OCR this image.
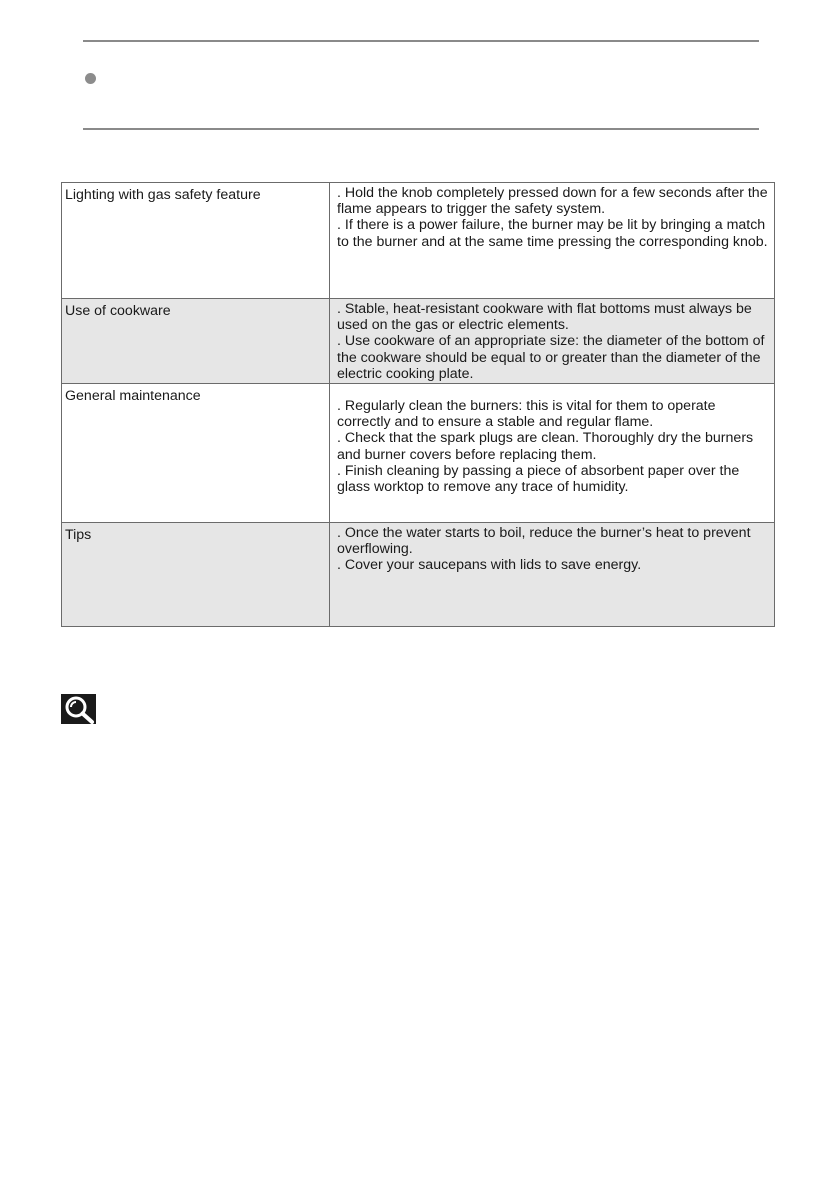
Lighting with gas safety feature	. Hold the knob completely pressed down for a few seconds after the flame appears to trigger the safety system.

. If there is a power failure, the burner may be lit by bringing a match to the burner and at the same time pressing the corresponding knob.

Use of cookware	. Stable, heat-resistant cookware with flat bottoms must always be used on the gas or electric elements.

. Use cookware of an appropriate size: the diameter of the bottom of the cookware should be equal to or greater than the diameter of the electric cooking plate.

General maintenance	. Regularly clean the burners: this is vital for them to operate correctly and to ensure a stable and regular flame.

. Check that the spark plugs are clean. Thoroughly dry the burners and burner covers before replacing them.

. Finish cleaning by passing a piece of absorbent paper over the glass worktop to remove any trace of humidity.

Tips	. Once the water starts to boil, reduce the burner’s heat to prevent overflowing.

. Cover your saucepans with lids to save energy.
